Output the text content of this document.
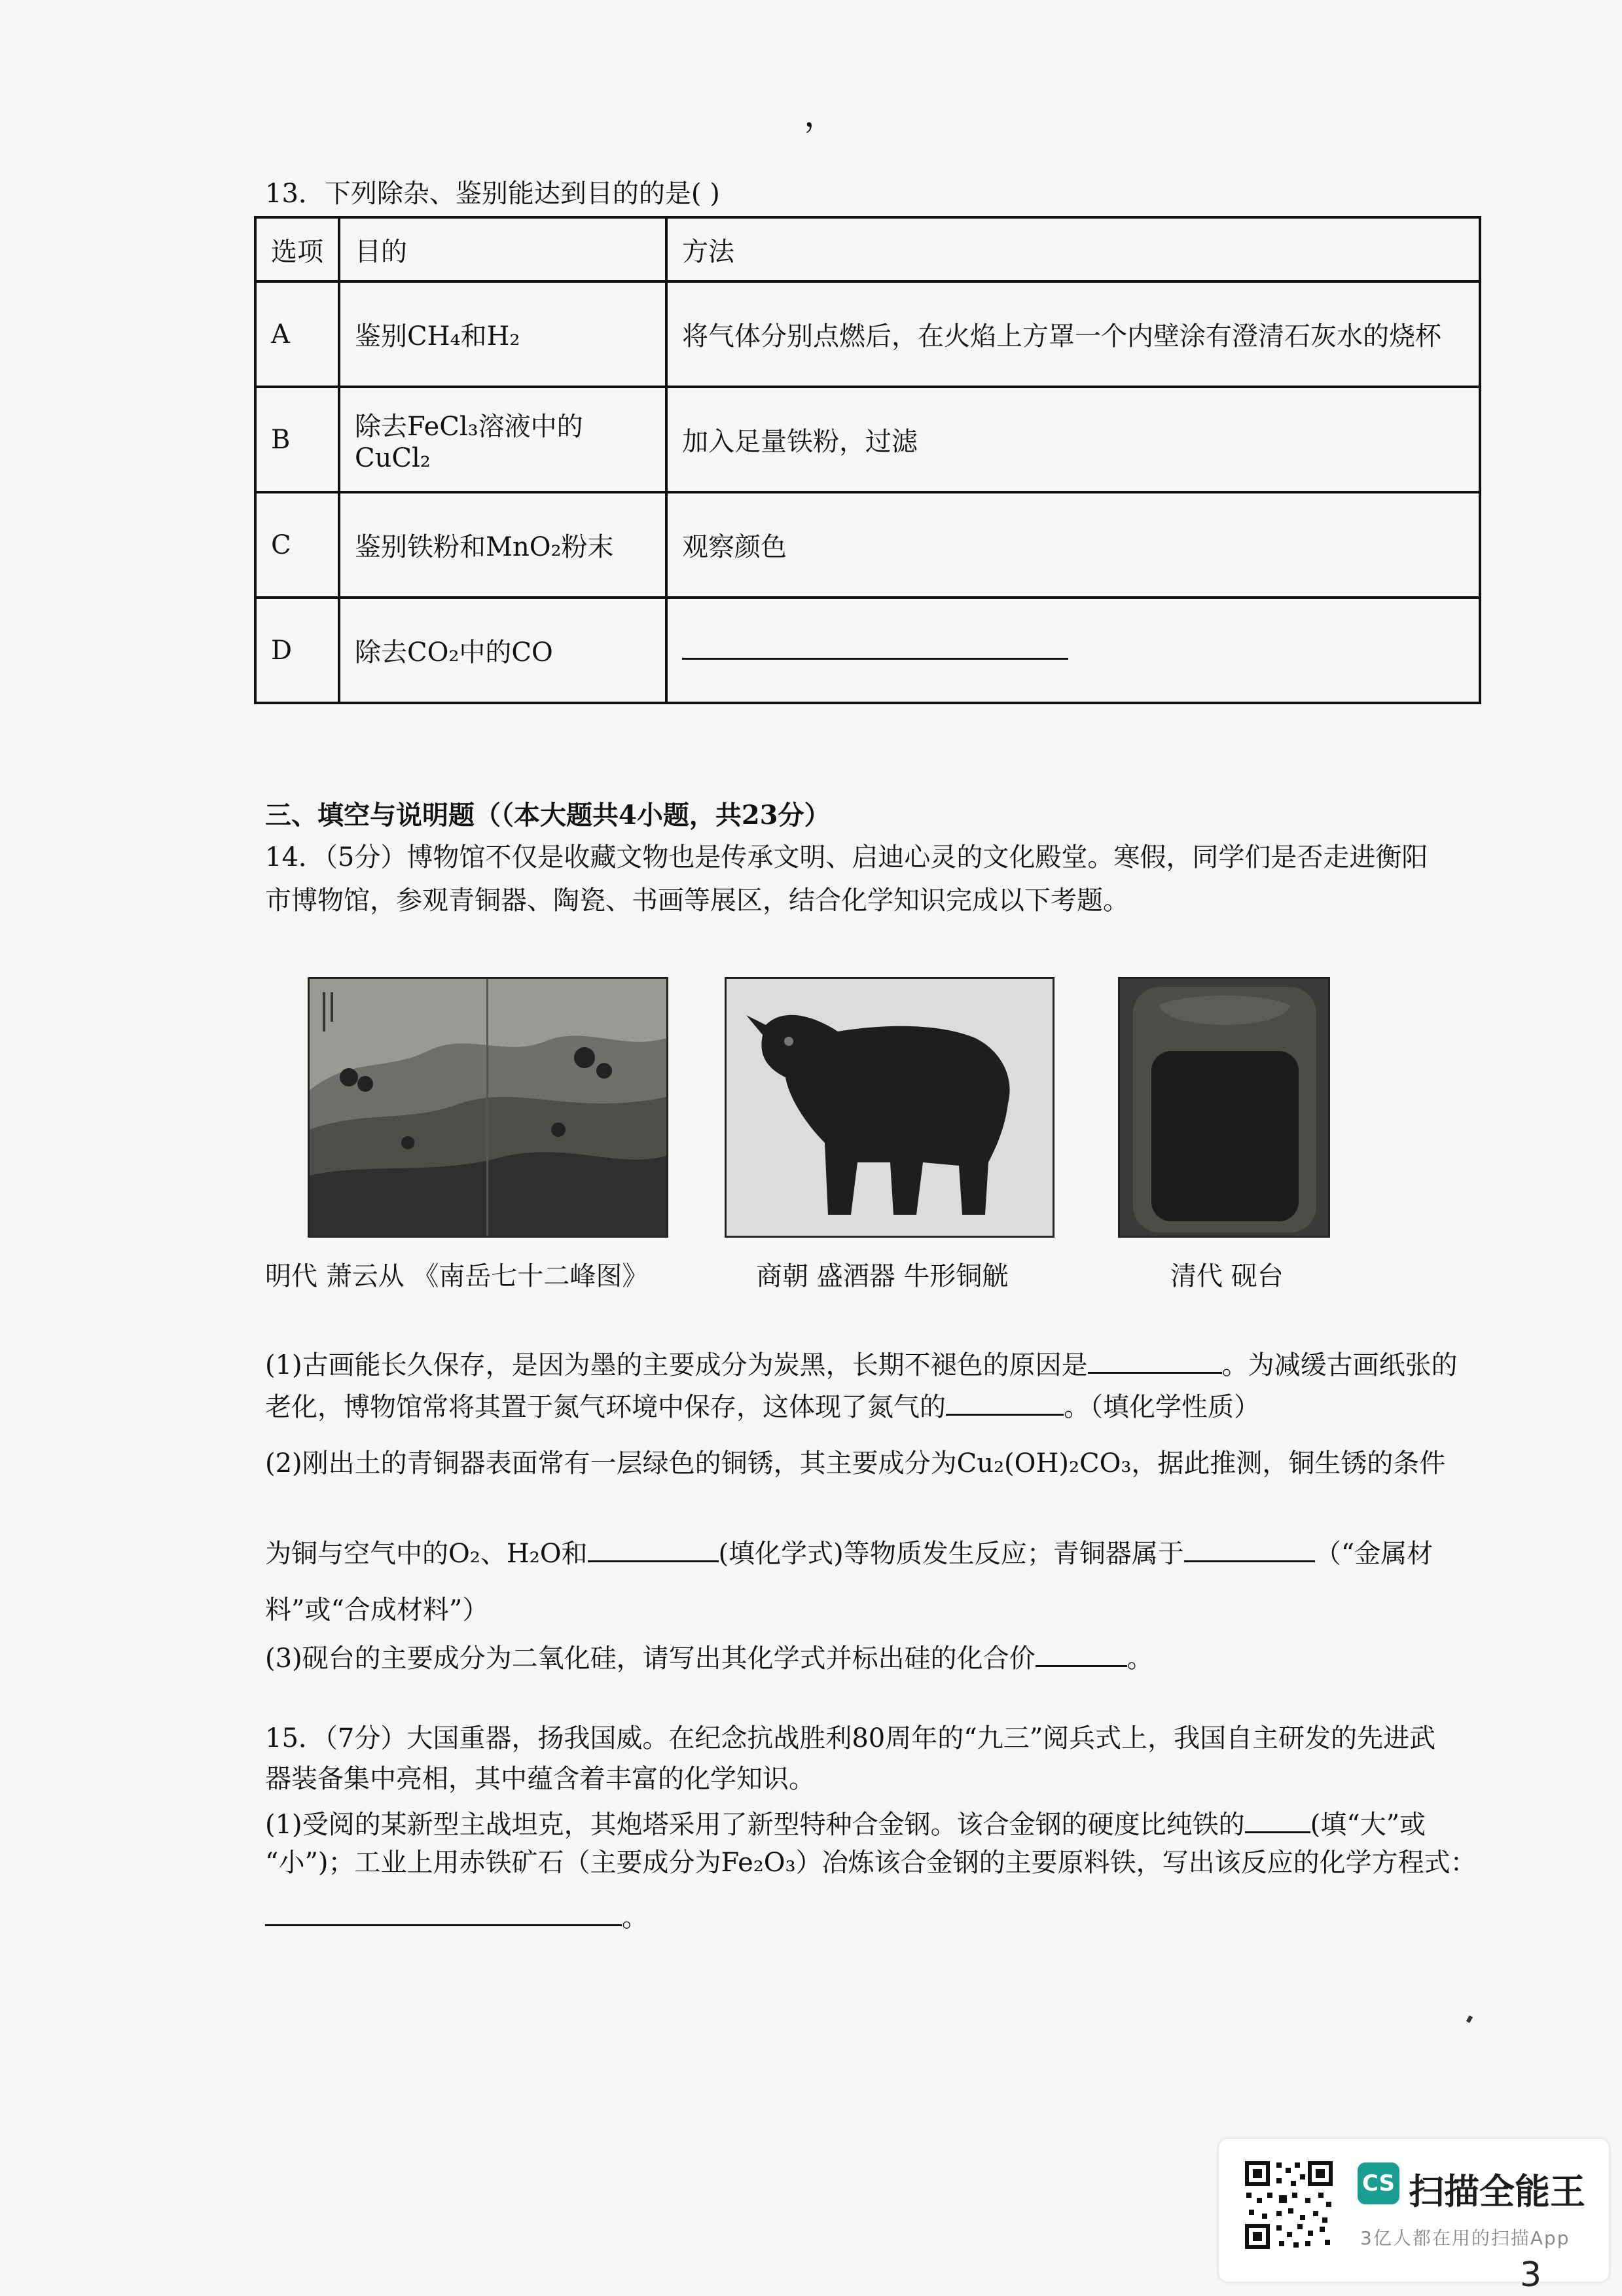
，
13．下列除杂、鉴别能达到目的的是( )
选项	目的	方法
A	鉴别CH₄和H₂	将气体分别点燃后，在火焰上方罩一个内壁涂有澄清石灰水的烧杯
B	除去FeCl₃溶液中的CuCl₂	加入足量铁粉，过滤
C	鉴别铁粉和MnO₂粉末	观察颜色
D	除去CO₂中的CO	
三、填空与说明题（（本大题共4小题，共23分）
14．（5分）博物馆不仅是收藏文物也是传承文明、启迪心灵的文化殿堂。寒假，同学们是否走进衡阳
市博物馆，参观青铜器、陶瓷、书画等展区，结合化学知识完成以下考题。
明代 萧云从 《南岳七十二峰图》	商朝 盛酒器 牛形铜觥	清代 砚台
(1)古画能长久保存，是因为墨的主要成分为炭黑，长期不褪色的原因是	。为减缓古画纸张的
老化，博物馆常将其置于氮气环境中保存，这体现了氮气的	。（填化学性质）
(2)刚出土的青铜器表面常有一层绿色的铜锈，其主要成分为Cu₂(OH)₂CO₃，据此推测，铜生锈的条件
为铜与空气中的O₂、H₂O和	(填化学式)等物质发生反应；青铜器属于	（“金属材
料”或“合成材料”）
(3)砚台的主要成分为二氧化硅，请写出其化学式并标出硅的化合价	。
15．（7分）大国重器，扬我国威。在纪念抗战胜利80周年的“九三”阅兵式上，我国自主研发的先进武
器装备集中亮相，其中蕴含着丰富的化学知识。
(1)受阅的某新型主战坦克，其炮塔采用了新型特种合金钢。该合金钢的硬度比纯铁的	(填“大”或
“小”)；工业上用赤铁矿石（主要成分为Fe₂O₃）冶炼该合金钢的主要原料铁，写出该反应的化学方程式：
。
CS 扫描全能王
3亿人都在用的扫描App
3
